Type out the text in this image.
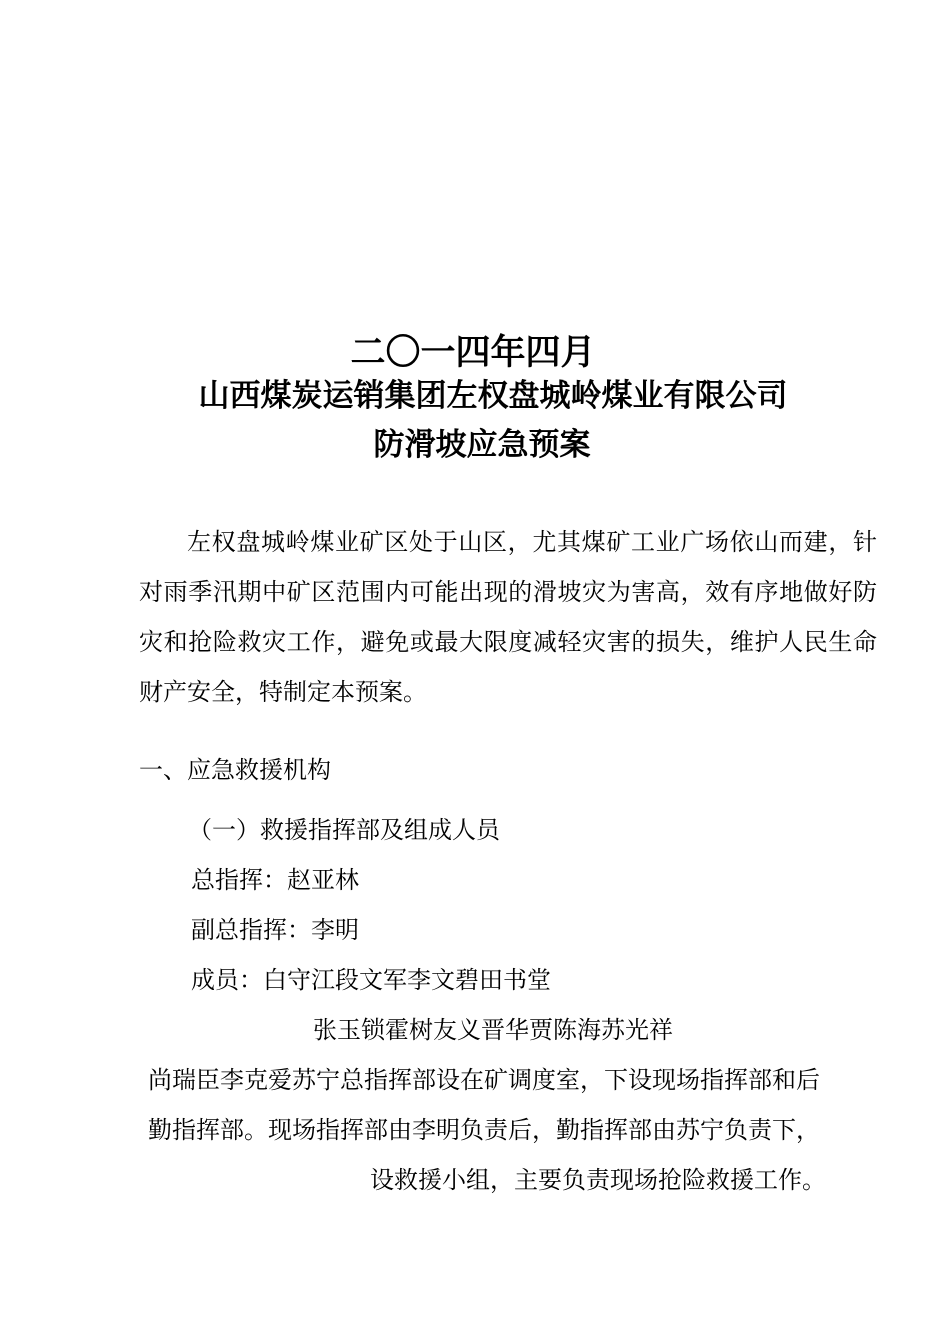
二〇一四年四月
山西煤炭运销集团左权盘城岭煤业有限公司
防滑坡应急预案

左权盘城岭煤业矿区处于山区，尤其煤矿工业广场依山而建，针对雨季汛期中矿区范围内可能出现的滑坡灾为害高，效有序地做好防灾和抢险救灾工作，避免或最大限度减轻灾害的损失，维护人民生命财产安全，特制定本预案。

一、应急救援机构

（一）救援指挥部及组成人员

总指挥：赵亚林

副总指挥：李明

成员：白守江段文军李文碧田书堂

张玉锁霍树友义晋华贾陈海苏光祥

尚瑞臣李克爱苏宁总指挥部设在矿调度室，下设现场指挥部和后

勤指挥部。现场指挥部由李明负责后，勤指挥部由苏宁负责下，

设救援小组，主要负责现场抢险救援工作。
